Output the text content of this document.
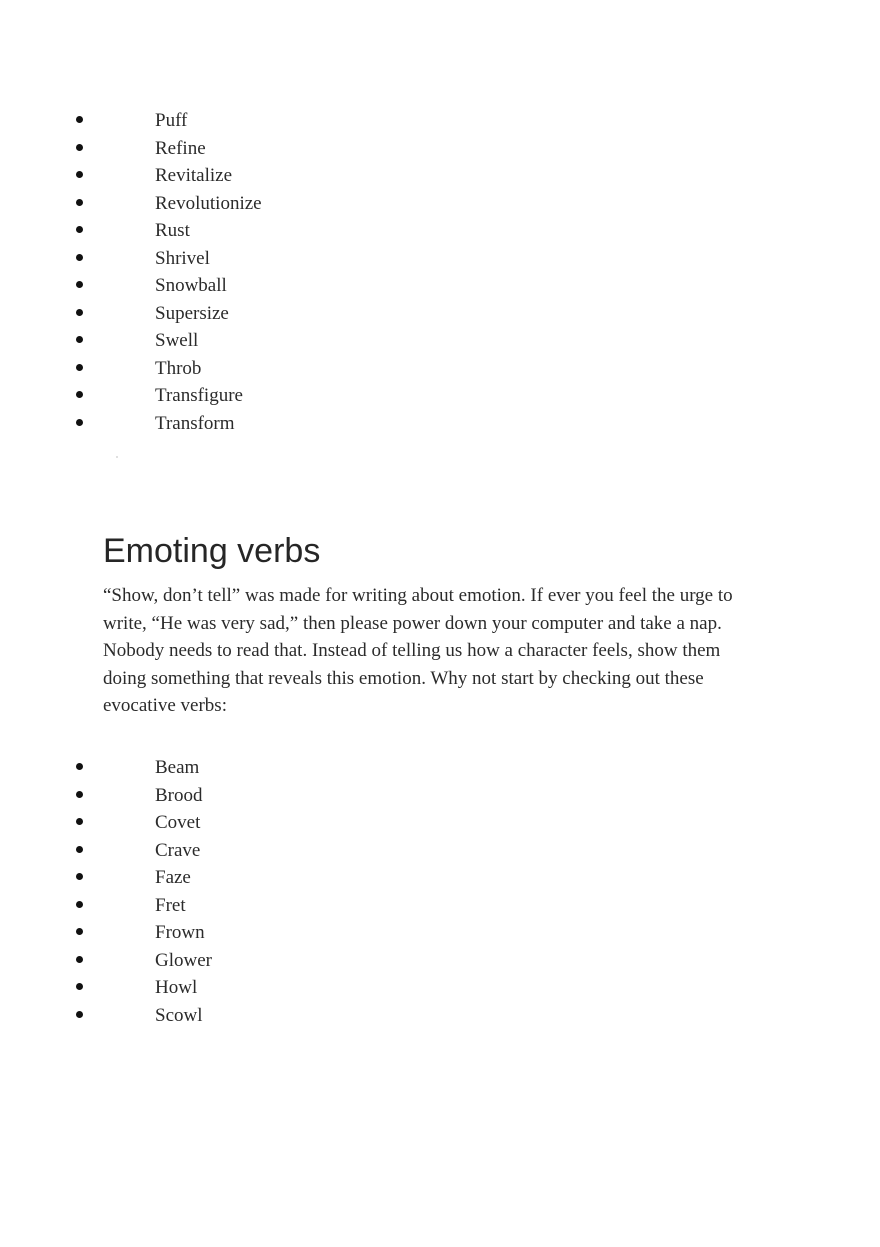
Puff
Refine
Revitalize
Revolutionize
Rust
Shrivel
Snowball
Supersize
Swell
Throb
Transfigure
Transform
Emoting verbs

“Show, don’t tell” was made for writing about emotion. If ever you feel the urge to write, “He was very sad,” then please power down your computer and take a nap. Nobody needs to read that. Instead of telling us how a character feels, show them doing something that reveals this emotion. Why not start by checking out these evocative verbs:

Beam
Brood
Covet
Crave
Faze
Fret
Frown
Glower
Howl
Scowl
